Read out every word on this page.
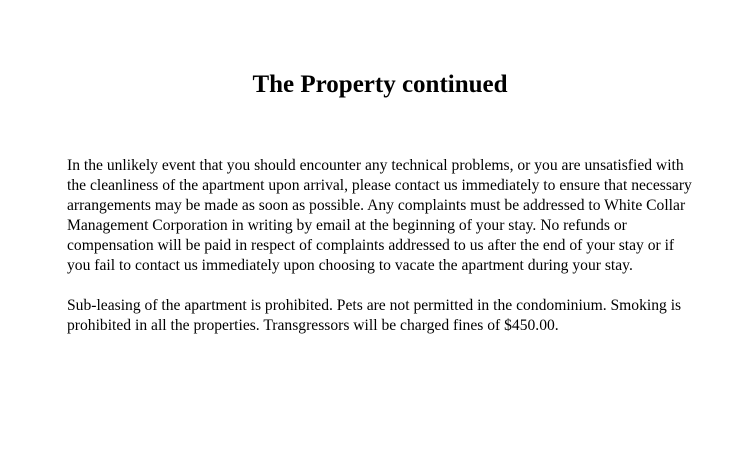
The Property continued

In the unlikely event that you should encounter any technical problems, or you are unsatisfied with the cleanliness of the apartment upon arrival, please contact us immediately to ensure that necessary arrangements may be made as soon as possible. Any complaints must be addressed to White Collar Management Corporation in writing by email at the beginning of your stay. No refunds or compensation will be paid in respect of complaints addressed to us after the end of your stay or if you fail to contact us immediately upon choosing to vacate the apartment during your stay.

Sub-leasing of the apartment is prohibited. Pets are not permitted in the condominium. Smoking is prohibited in all the properties. Transgressors will be charged fines of $450.00.
